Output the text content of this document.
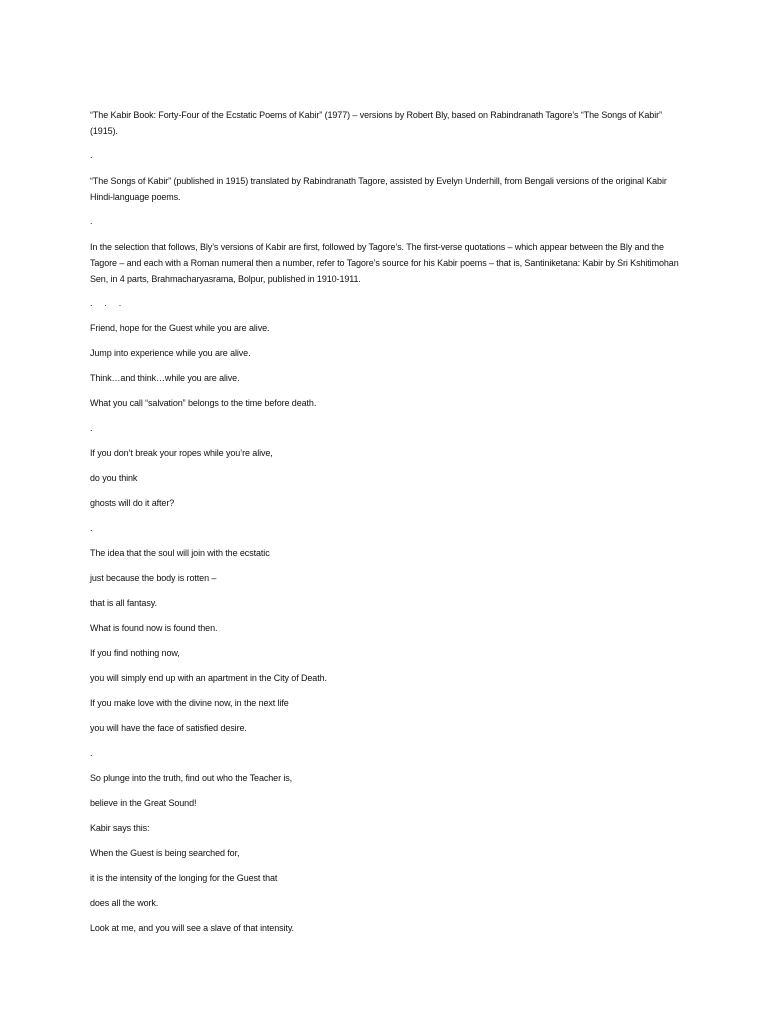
“The Kabir Book: Forty-Four of the Ecstatic Poems of Kabir” (1977) – versions by Robert Bly, based on Rabindranath Tagore’s “The Songs of Kabir” (1915).

.

“The Songs of Kabir” (published in 1915) translated by Rabindranath Tagore, assisted by Evelyn Underhill, from Bengali versions of the original Kabir Hindi-language poems.

.

In the selection that follows, Bly’s versions of Kabir are first, followed by Tagore’s. The first-verse quotations – which appear between the Bly and the Tagore – and each with a Roman numeral then a number, refer to Tagore’s source for his Kabir poems – that is, Santiniketana: Kabir by Sri Kshitimohan Sen, in 4 parts, Brahmacharyasrama, Bolpur, published in 1910-1911.

.     .     .

Friend, hope for the Guest while you are alive.

Jump into experience while you are alive.

Think…and think…while you are alive.

What you call “salvation” belongs to the time before death.

.

If you don’t break your ropes while you’re alive,

do you think

ghosts will do it after?

.

The idea that the soul will join with the ecstatic

just because the body is rotten –

that is all fantasy.

What is found now is found then.

If you find nothing now,

you will simply end up with an apartment in the City of Death.

If you make love with the divine now, in the next life

you will have the face of satisfied desire.

.

So plunge into the truth, find out who the Teacher is,

believe in the Great Sound!

Kabir says this:

When the Guest is being searched for,

it is the intensity of the longing for the Guest that

does all the work.

Look at me, and you will see a slave of that intensity.
